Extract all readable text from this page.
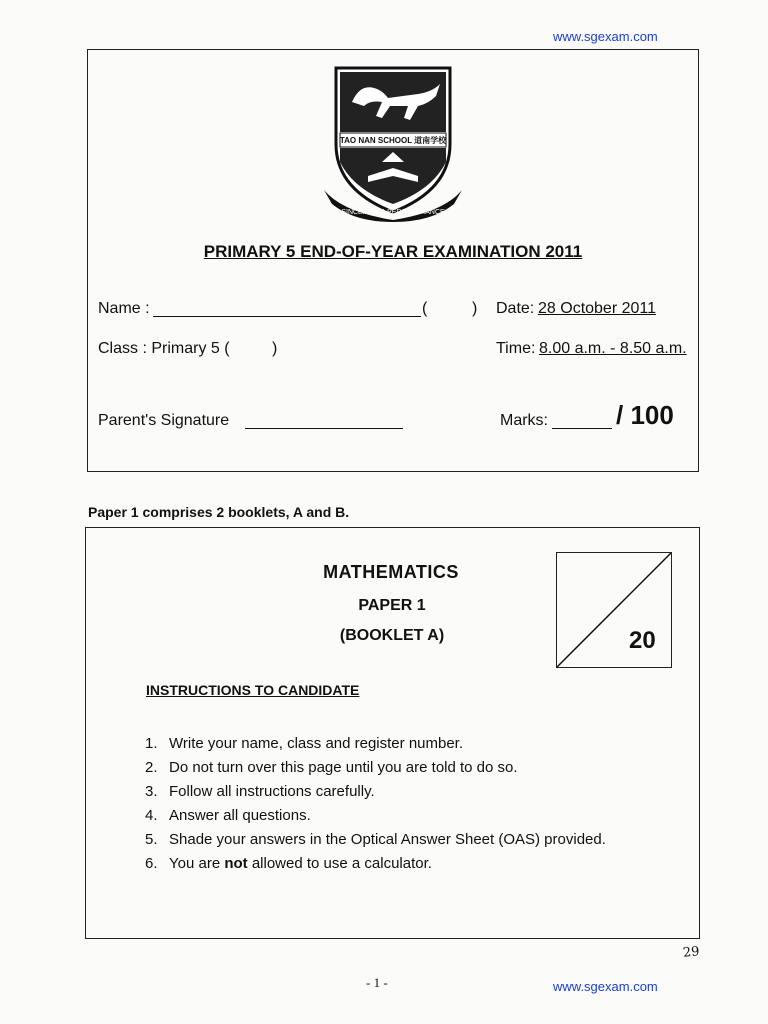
www.sgexam.com
TAO NAN SCHOOL 道南学校
SINCERITY & PERSEVERANCE
PRIMARY 5 END-OF-YEAR EXAMINATION 2011
Name :	(	) Date: 28 October 2011
Class : Primary 5 (	)	Time: 8.00 a.m. - 8.50 a.m.
Parent's Signature	Marks:	/ 100
Paper 1 comprises 2 booklets, A and B.
MATHEMATICS
PAPER 1
(BOOKLET A)	20
INSTRUCTIONS TO CANDIDATE
1. Write your name, class and register number.
2. Do not turn over this page until you are told to do so.
3. Follow all instructions carefully.
4. Answer all questions.
5. Shade your answers in the Optical Answer Sheet (OAS) provided.
6. You are not allowed to use a calculator.
29
- 1 -	www.sgexam.com
